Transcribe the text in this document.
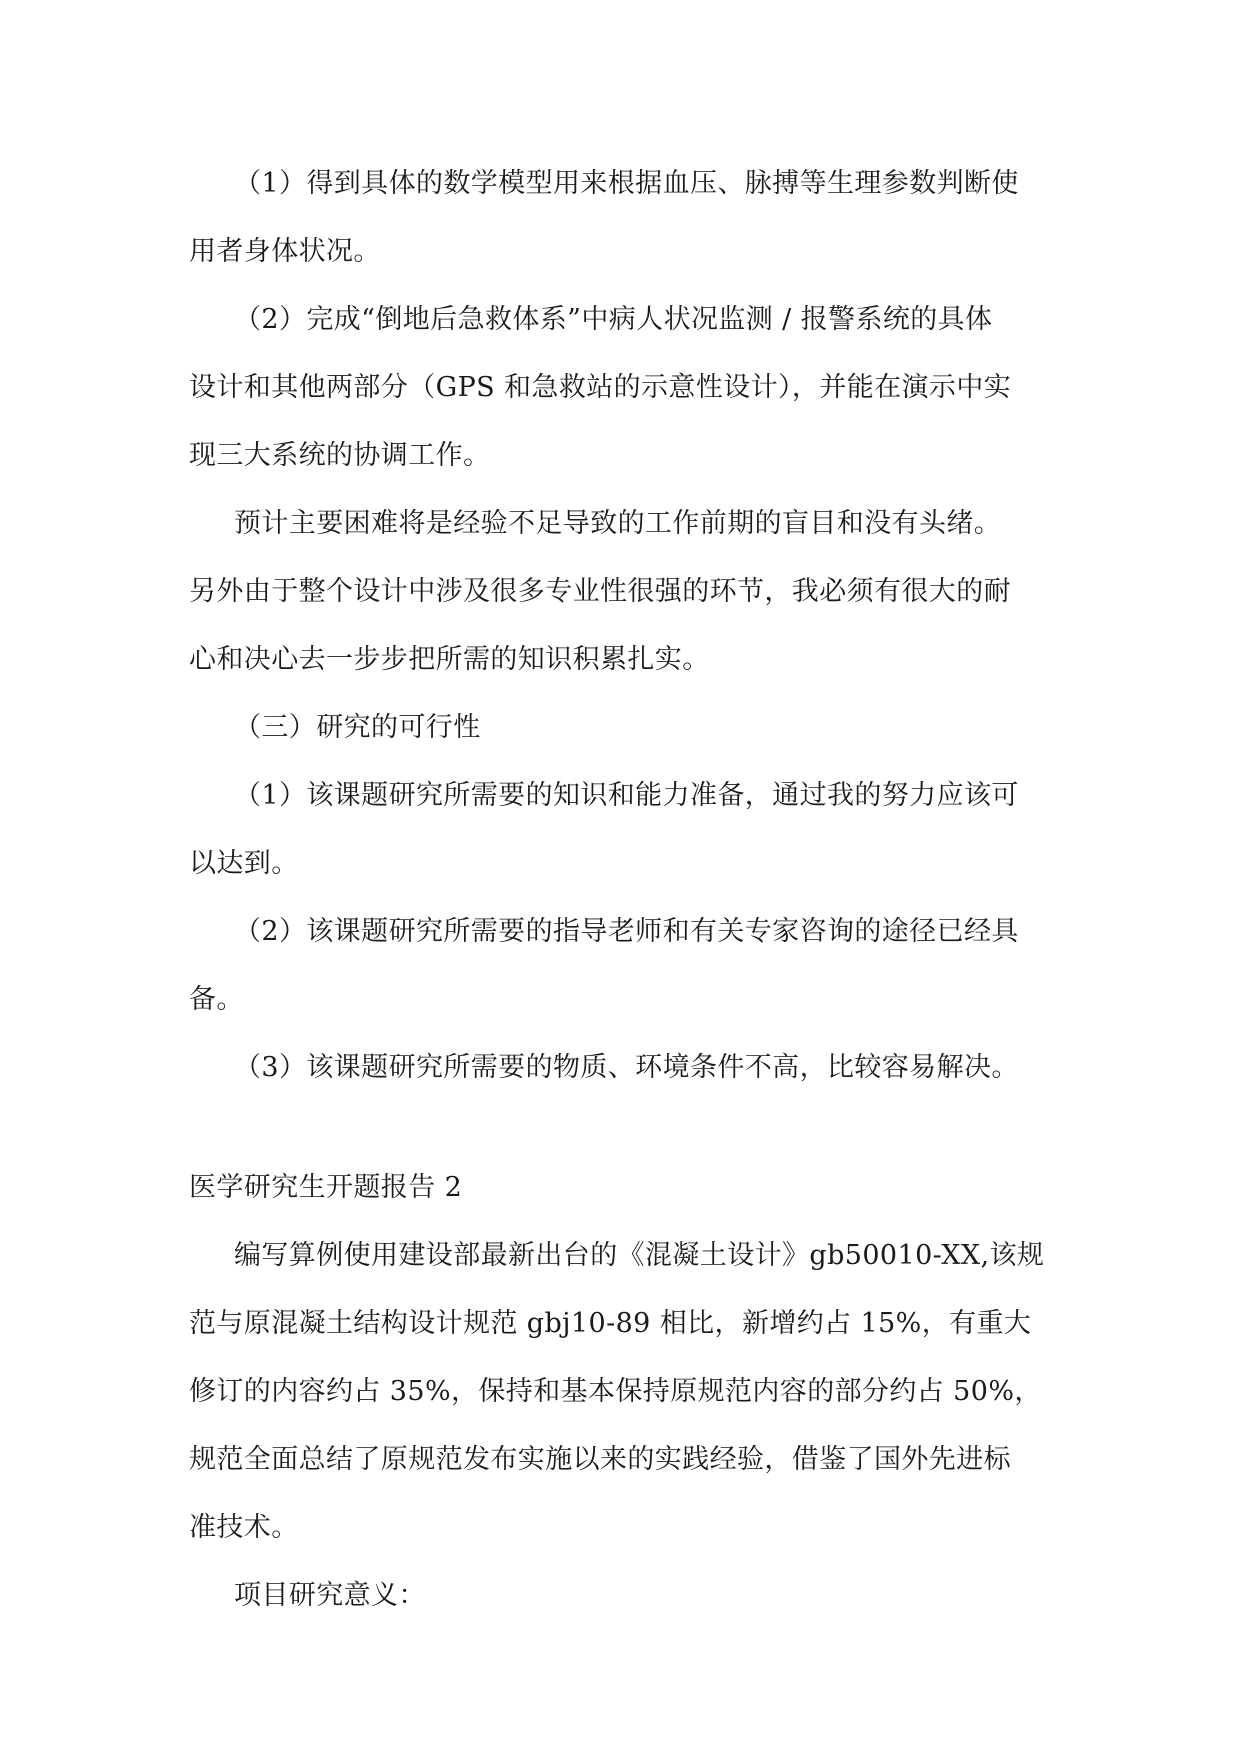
（1）得到具体的数学模型用来根据血压、脉搏等生理参数判断使
用者身体状况。
（2）完成“倒地后急救体系”中病人状况监测 / 报警系统的具体
设计和其他两部分（GPS 和急救站的示意性设计），并能在演示中实
现三大系统的协调工作。
预计主要困难将是经验不足导致的工作前期的盲目和没有头绪。
另外由于整个设计中涉及很多专业性很强的环节，我必须有很大的耐
心和决心去一步步把所需的知识积累扎实。
（三）研究的可行性
（1）该课题研究所需要的知识和能力准备，通过我的努力应该可
以达到。
（2）该课题研究所需要的指导老师和有关专家咨询的途径已经具
备。
（3）该课题研究所需要的物质、环境条件不高，比较容易解决。
医学研究生开题报告 2
编写算例使用建设部最新出台的《混凝土设计》gb50010-XX,该规
范与原混凝土结构设计规范 gbj10-89 相比，新增约占 15%，有重大
修订的内容约占 35%，保持和基本保持原规范内容的部分约占 50%，
规范全面总结了原规范发布实施以来的实践经验，借鉴了国外先进标
准技术。
项目研究意义：
